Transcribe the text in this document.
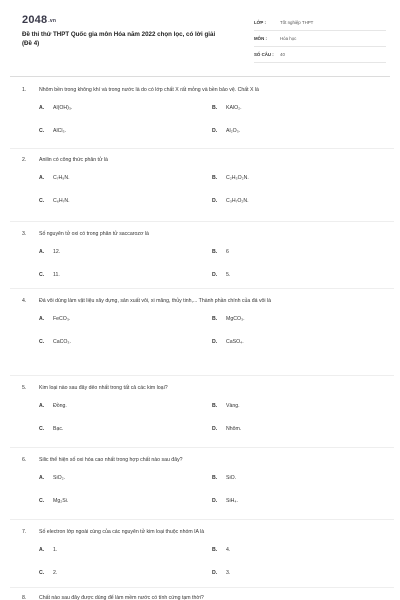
2048.vn
Đề thi thử THPT Quốc gia môn Hóa năm 2022 chọn lọc, có lời giải (Đề 4)
LỚP :	Tốt nghiệp THPT
MÔN :	Hóa học
SỐ CÂU : 40
1. Nhôm bền trong không khí và trong nước là do có lớp chất X rất mỏng và bền bảo vệ. Chất X là
A. Al(OH)₃.	B. KAlO₂.
C. AlCl₃.	D. Al₂O₃.
2. Anilin có công thức phân tử là
A. C₇H₉N.	B. C₂H₅O₂N.
C. C₆H₇N.	D. C₃H₇O₂N.
3. Số nguyên tử oxi có trong phân tử saccarozơ là
A. 12.	B. 6
C. 11.	D. 5.
4. Đá vôi dùng làm vật liệu xây dựng, sản xuất vôi, xi măng, thủy tinh,... Thành phần chính của đá vôi là
A. FeCO₃.	B. MgCO₃.
C. CaCO₃.	D. CaSO₄.
5. Kim loại nào sau đây dẻo nhất trong tất cả các kim loại?
A. Đồng.	B. Vàng.
C. Bạc.	D. Nhôm.
6. Silic thể hiện số oxi hóa cao nhất trong hợp chất nào sau đây?
A. SiO₂.	B. SiO.
C. Mg₂Si.	D. SiH₄.
7. Số electron lớp ngoài cùng của các nguyên tử kim loại thuộc nhóm IA là
A. 1.	B. 4.
C. 2.	D. 3.
8. Chất nào sau đây được dùng để làm mềm nước có tính cứng tạm thời?
